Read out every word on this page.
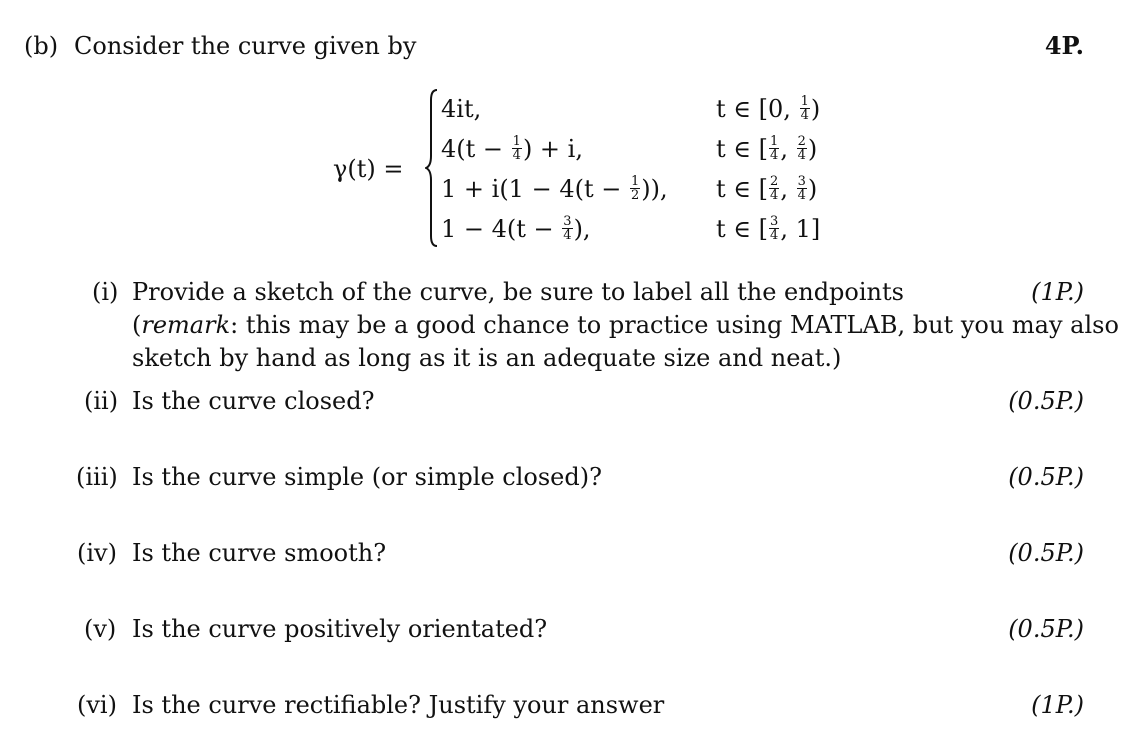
(b) Consider the curve given by	4P.
γ(t) =
4it,	t ∈ [0, $\frac{1}{4}$ )
$4(t - \frac{1}{4}$ ) + i,	t ∈ [ $\frac{1}{4}$ , $\frac{2}{4}$ )
$1 + i(1 - 4(t - \frac{1}{2}$ )), t ∈ [ $\frac{2}{4}$ , $\frac{3}{4}$ )
$1 - 4(t - \frac{3}{4}$ ),	t ∈ [ $\frac{3}{4}$ , 1]
(i) Provide a sketch of the curve, be sure to label all the endpoints	(1P.)
(remark: this may be a good chance to practice using MATLAB, but you may also
sketch by hand as long as it is an adequate size and neat.)
(ii) Is the curve closed?	(0.5P.)
(iii) Is the curve simple (or simple closed)?	(0.5P.)
(iv) Is the curve smooth?	(0.5P.)
(v) Is the curve positively orientated?	(0.5P.)
(vi) Is the curve rectifiable? Justify your answer	(1P.)
